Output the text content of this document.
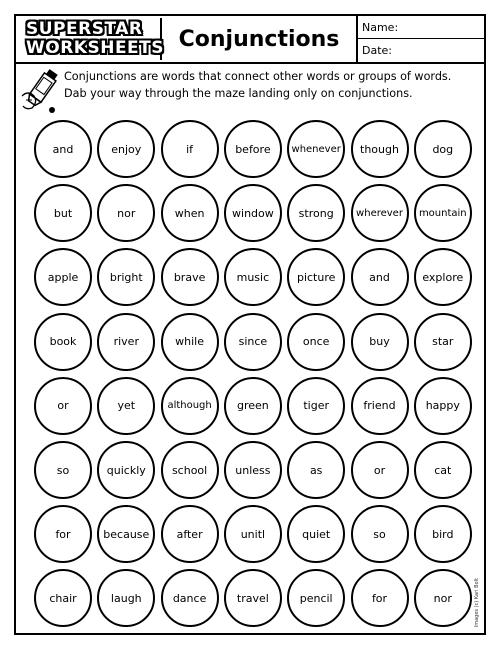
SUPERSTAR
WORKSHEETS Conjunctions	Name:
Date:
Conjunctions are words that connect other words or groups of words.
Dab your way through the maze landing only on conjunctions.
and	enjoy	if	before	whenever	though	dog
but	nor	when	window	strong	wherever	mountain
apple	bright	brave	music	picture	and	explore
book	river	while	since	once	buy	star
or	yet	although	green	tiger	friend	happy
so	quickly	school	unless	as	or	cat
for	because	after	unitl	quiet	so	bird
chair	laugh	dance	travel	pencil	for	nor	Images (c) Kari Bolt
